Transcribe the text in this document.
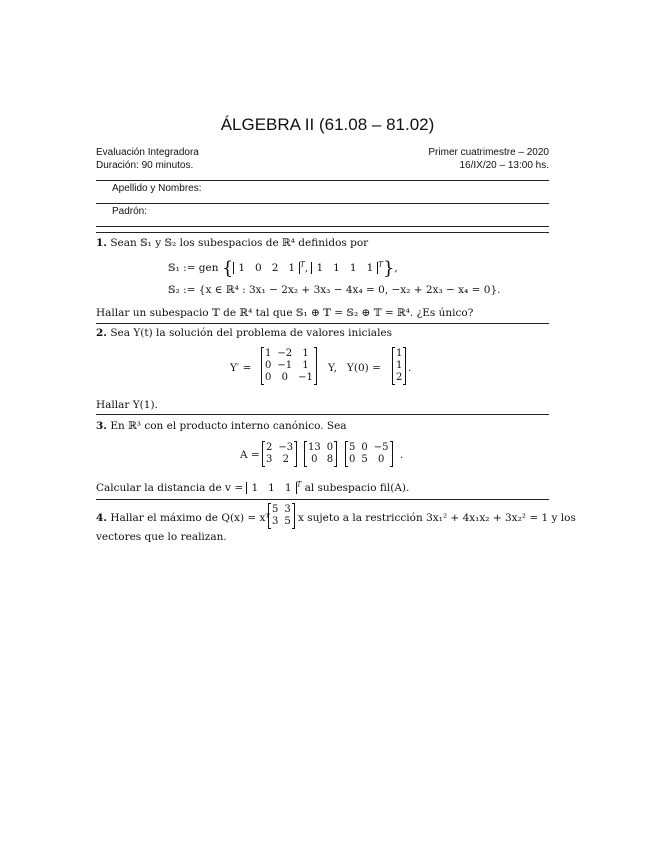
ÁLGEBRA II (61.08 – 81.02)
Evaluación Integradora
Duración: 90 minutos.
Primer cuatrimestre – 2020
16/IX/20 – 13:00 hs.
Apellido y Nombres:
Padrón:
1. Sean 𝕊₁ y 𝕊₂ los subespacios de ℝ⁴ definidos por
𝕊₁ := gen { 1 0 2 1 $^T$, 1 1 1 1 $^T$},
𝕊₂ := {x ∈ ℝ⁴ : 3x₁ − 2x₂ + 3x₃ − 4x₄ = 0, −x₂ + 2x₃ − x₄ = 0}.
Hallar un subespacio 𝕋 de ℝ⁴ tal que 𝕊₁ ⊕ 𝕋 = 𝕊₂ ⊕ 𝕋 = ℝ⁴. ¿Es único?
2. Sea Y(t) la solución del problema de valores iniciales
Y′ =
1	−2	1
0	−1	1
0	0	−1
Y,   Y(0) =
1
1
2
.
Hallar Y(1).
3. En ℝ³ con el producto interno canónico. Sea
A =
2	−3
3	2
13	0
0	8
5	0	−5
0	5	0 .
Calcular la distancia de v = 1 1 1 $^T$ al subespacio fil(A).
4. Hallar el máximo de Q(x) = xᵀ
5	3
3	5 x sujeto a la restricción 3x₁² + 4x₁x₂ + 3x₂² = 1 y los
vectores que lo realizan.
